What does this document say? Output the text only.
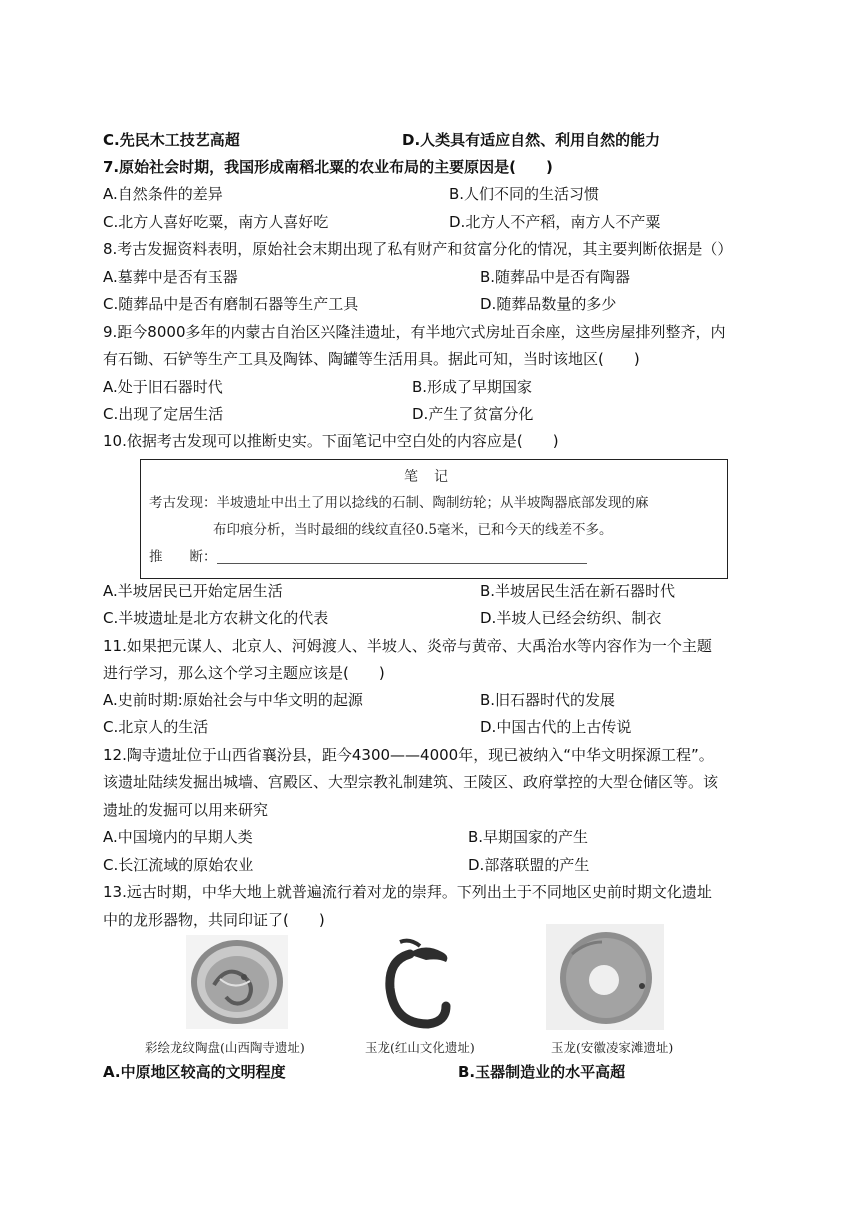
C.先民木工技艺高超	D.人类具有适应自然、利用自然的能力
7.原始社会时期，我国形成南稻北粟的农业布局的主要原因是(　　)
A.自然条件的差异	B.人们不同的生活习惯
C.北方人喜好吃粟，南方人喜好吃	D.北方人不产稻，南方人不产粟
8.考古发掘资料表明，原始社会末期出现了私有财产和贫富分化的情况，其主要判断依据是（）
A.墓葬中是否有玉器	B.随葬品中是否有陶器
C.随葬品中是否有磨制石器等生产工具	D.随葬品数量的多少
9.距今8000多年的内蒙古自治区兴隆洼遗址，有半地穴式房址百余座，这些房屋排列整齐，内
有石锄、石铲等生产工具及陶钵、陶罐等生活用具。据此可知，当时该地区(　　)
A.处于旧石器时代	B.形成了早期国家
C.出现了定居生活	D.产生了贫富分化
10.依据考古发现可以推断史实。下面笔记中空白处的内容应是(　　)
笔记
考古发现：半坡遗址中出土了用以捻线的石制、陶制纺轮；从半坡陶器底部发现的麻
布印痕分析，当时最细的线纹直径0.5毫米，已和今天的线差不多。
推　　断：
A.半坡居民已开始定居生活	B.半坡居民生活在新石器时代
C.半坡遗址是北方农耕文化的代表	D.半坡人已经会纺织、制衣
11.如果把元谋人、北京人、河姆渡人、半坡人、炎帝与黄帝、大禹治水等内容作为一个主题
进行学习，那么这个学习主题应该是(　　)
A.史前时期:原始社会与中华文明的起源	B.旧石器时代的发展
C.北京人的生活	D.中国古代的上古传说
12.陶寺遗址位于山西省襄汾县，距今4300——4000年，现已被纳入“中华文明探源工程”。
该遗址陆续发掘出城墙、宫殿区、大型宗教礼制建筑、王陵区、政府掌控的大型仓储区等。该
遗址的发掘可以用来研究
A.中国境内的早期人类	B.早期国家的产生
C.长江流域的原始农业	D.部落联盟的产生
13.远古时期，中华大地上就普遍流行着对龙的崇拜。下列出土于不同地区史前时期文化遗址
中的龙形器物，共同印证了(　　)
彩绘龙纹陶盘(山西陶寺遗址)	玉龙(红山文化遗址)	玉龙(安徽凌家滩遗址)
A.中原地区较高的文明程度	B.玉器制造业的水平高超
